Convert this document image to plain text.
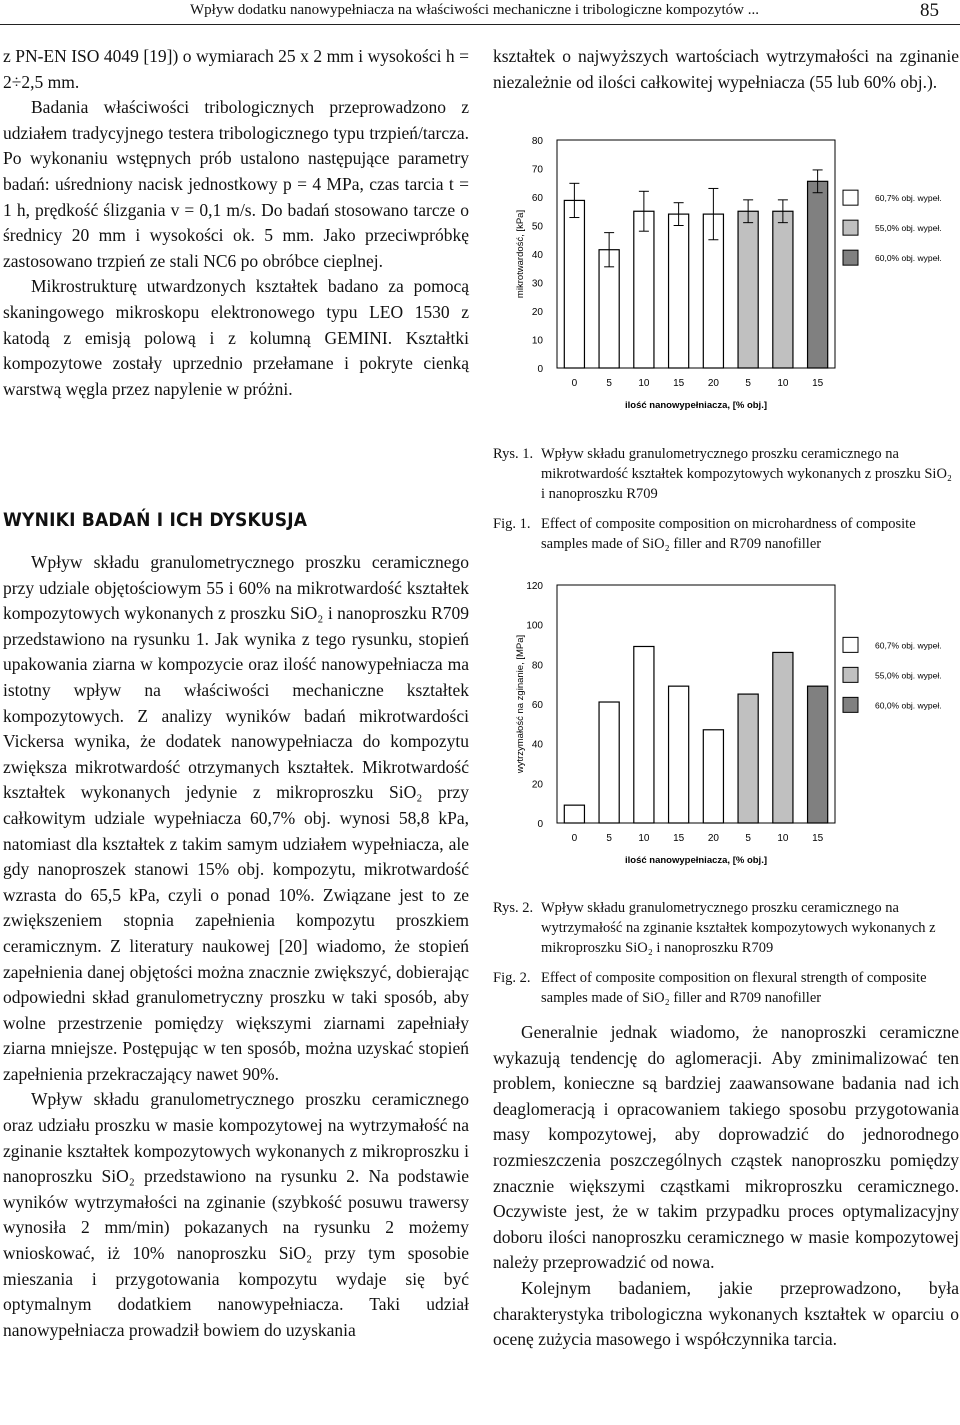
Wpływ dodatku nanowypełniacza na właściwości mechaniczne i tribologiczne kompozytów ...	85

z PN-EN ISO 4049 [19]) o wymiarach 25 x 2 mm i wysokości h = 2÷2,5 mm.

Badania właściwości tribologicznych przeprowadzono z udziałem tradycyjnego testera tribologicznego typu trzpień/tarcza. Po wykonaniu wstępnych prób ustalono następujące parametry badań: uśredniony nacisk jednostkowy p = 4 MPa, czas tarcia t = 1 h, prędkość ślizgania v = 0,1 m/s. Do badań stosowano tarcze o średnicy 20 mm i wysokości ok. 5 mm. Jako przeciwpróbkę zastosowano trzpień ze stali NC6 po obróbce cieplnej.

Mikrostrukturę utwardzonych kształtek badano za pomocą skaningowego mikroskopu elektronowego typu LEO 1530 z katodą z emisją polową i z kolumną GEMINI. Kształtki kompozytowe zostały uprzednio przełamane i pokryte cienką warstwą węgla przez napylenie w próżni.

WYNIKI BADAŃ I ICH DYSKUSJA

Wpływ składu granulometrycznego proszku ceramicznego przy udziale objętościowym 55 i 60% na mikrotwardość kształtek kompozytowych wykonanych z proszku SiO₂ i nanoproszku R709 przedstawiono na rysunku 1. Jak wynika z tego rysunku, stopień upakowania ziarna w kompozycie oraz ilość nanowypełniacza ma istotny wpływ na właściwości mechaniczne kształtek kompozytowych. Z analizy wyników badań mikrotwardości Vickersa wynika, że dodatek nanowypełniacza do kompozytu zwiększa mikrotwardość otrzymanych kształtek. Mikrotwardość kształtek wykonanych jedynie z mikroproszku SiO₂ przy całkowitym udziale wypełniacza 60,7% obj. wynosi 58,8 kPa, natomiast dla kształtek z takim samym udziałem wypełniacza, ale gdy nanoproszek stanowi 15% obj. kompozytu, mikrotwardość wzrasta do 65,5 kPa, czyli o ponad 10%. Związane jest to ze zwiększeniem stopnia zapełnienia kompozytu proszkiem ceramicznym. Z literatury naukowej [20] wiadomo, że stopień zapełnienia danej objętości można znacznie zwiększyć, dobierając odpowiedni skład granulometryczny proszku w taki sposób, aby wolne przestrzenie pomiędzy większymi ziarnami zapełniały ziarna mniejsze. Postępując w ten sposób, można uzyskać stopień zapełnienia przekraczający nawet 90%.

Wpływ składu granulometrycznego proszku ceramicznego oraz udziału proszku w masie kompozytowej na wytrzymałość na zginanie kształtek kompozytowych wykonanych z mikroproszku i nanoproszku SiO₂ przedstawiono na rysunku 2. Na podstawie wyników wytrzymałości na zginanie (szybkość posuwu trawersy wynosiła 2 mm/min) pokazanych na rysunku 2 możemy wnioskować, iż 10% nanoproszku SiO₂ przy tym sposobie mieszania i przygotowania kompozytu wydaje się być optymalnym dodatkiem nanowypełniacza. Taki udział nanowypełniacza prowadził bowiem do uzyskania

kształtek o najwyższych wartościach wytrzymałości na zginanie niezależnie od ilości całkowitej wypełniacza (55 lub 60% obj.).

0
10
20
30
40
50
60
70
80
mikrotwardość, [kPa]
0	5	10 15 20	5	10 15
ilość nanowypełniacza, [% obj.]
60,7% obj. wypeł.
55,0% obj. wypeł.
60,0% obj. wypeł.
Rys. 1. Wpływ składu granulometrycznego proszku ceramicznego na mikrotwardość kształtek kompozytowych wykonanych z proszku SiO₂ i nanoproszku R709
Fig. 1. Effect of composite composition on microhardness of composite samples made of SiO₂ filler and R709 nanofiller
0
20
40
60
80
100
120
wytrzymałość na zginanie, [MPa]
0	5	10 15 20	5	10 15
ilość nanowypełniacza, [% obj.]
60,7% obj. wypeł.
55,0% obj. wypeł.
60,0% obj. wypeł.
Rys. 2. Wpływ składu granulometrycznego proszku ceramicznego na wytrzymałość na zginanie kształtek kompozytowych wykonanych z mikroproszku SiO₂ i nanoproszku R709
Fig. 2. Effect of composite composition on flexural strength of composite samples made of SiO₂ filler and R709 nanofiller

Generalnie jednak wiadomo, że nanoproszki ceramiczne wykazują tendencję do aglomeracji. Aby zminimalizować ten problem, konieczne są bardziej zaawansowane badania nad ich deaglomeracją i opracowaniem takiego sposobu przygotowania masy kompozytowej, aby doprowadzić do jednorodnego rozmieszczenia poszczególnych cząstek nanoproszku pomiędzy znacznie większymi cząstkami mikroproszku ceramicznego. Oczywiste jest, że w takim przypadku proces optymalizacyjny doboru ilości nanoproszku ceramicznego w masie kompozytowej należy przeprowadzić od nowa.

Kolejnym badaniem, jakie przeprowadzono, była charakterystyka tribologiczna wykonanych kształtek w oparciu o ocenę zużycia masowego i współczynnika tarcia.
